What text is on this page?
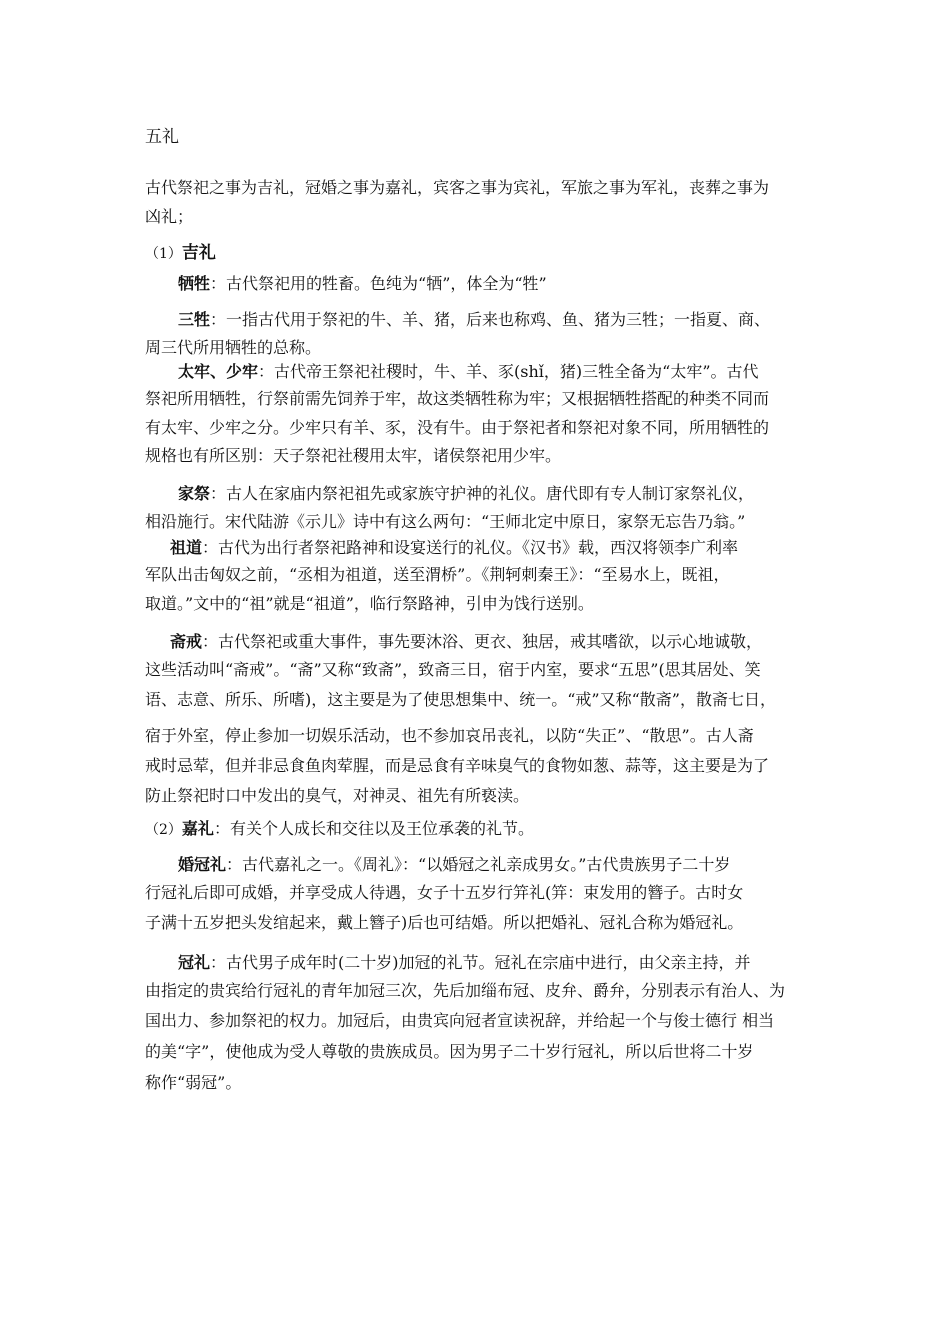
五礼
古代祭祀之事为吉礼，冠婚之事为嘉礼，宾客之事为宾礼，军旅之事为军礼，丧葬之事为
凶礼；
（1）吉礼
牺牲：古代祭祀用的牲畜。色纯为“牺”，体全为“牲”
三牲：一指古代用于祭祀的牛、羊、猪，后来也称鸡、鱼、猪为三牲；一指夏、商、
周三代所用牺牲的总称。
太牢、少牢：古代帝王祭祀社稷时，牛、羊、豕(shǐ，猪)三牲全备为“太牢”。古代
祭祀所用牺牲，行祭前需先饲养于牢，故这类牺牲称为牢；又根据牺牲搭配的种类不同而
有太牢、少牢之分。少牢只有羊、豕，没有牛。由于祭祀者和祭祀对象不同，所用牺牲的
规格也有所区别：天子祭祀社稷用太牢，诸侯祭祀用少牢。
家祭：古人在家庙内祭祀祖先或家族守护神的礼仪。唐代即有专人制订家祭礼仪，
相沿施行。宋代陆游《示儿》诗中有这么两句：“王师北定中原日，家祭无忘告乃翁。”
祖道：古代为出行者祭祀路神和设宴送行的礼仪。《汉书》载，西汉将领李广利率
军队出击匈奴之前，“丞相为祖道，送至渭桥”。《荆轲刺秦王》：“至易水上，既祖，
取道。”文中的“祖”就是“祖道”，临行祭路神，引申为饯行送别。
斋戒：古代祭祀或重大事件，事先要沐浴、更衣、独居，戒其嗜欲，以示心地诚敬，
这些活动叫“斋戒”。“斋”又称“致斋”，致斋三日，宿于内室，要求“五思”(思其居处、笑
语、志意、所乐、所嗜)，这主要是为了使思想集中、统一。“戒”又称“散斋”，散斋七日，
宿于外室，停止参加一切娱乐活动，也不参加哀吊丧礼，以防“失正”、“散思”。古人斋
戒时忌荤，但并非忌食鱼肉荤腥，而是忌食有辛味臭气的食物如葱、蒜等，这主要是为了
防止祭祀时口中发出的臭气，对神灵、祖先有所亵渎。
（2）嘉礼：有关个人成长和交往以及王位承袭的礼节。
婚冠礼：古代嘉礼之一。《周礼》：“以婚冠之礼亲成男女。”古代贵族男子二十岁
行冠礼后即可成婚，并享受成人待遇，女子十五岁行笄礼(笄：束发用的簪子。古时女
子满十五岁把头发绾起来，戴上簪子)后也可结婚。所以把婚礼、冠礼合称为婚冠礼。
冠礼：古代男子成年时(二十岁)加冠的礼节。冠礼在宗庙中进行，由父亲主持，并
由指定的贵宾给行冠礼的青年加冠三次，先后加缁布冠、皮弁、爵弁，分别表示有治人、为
国出力、参加祭祀的权力。加冠后，由贵宾向冠者宣读祝辞，并给起一个与俊士德行 相当
的美“字”，使他成为受人尊敬的贵族成员。因为男子二十岁行冠礼，所以后世将二十岁
称作“弱冠”。
